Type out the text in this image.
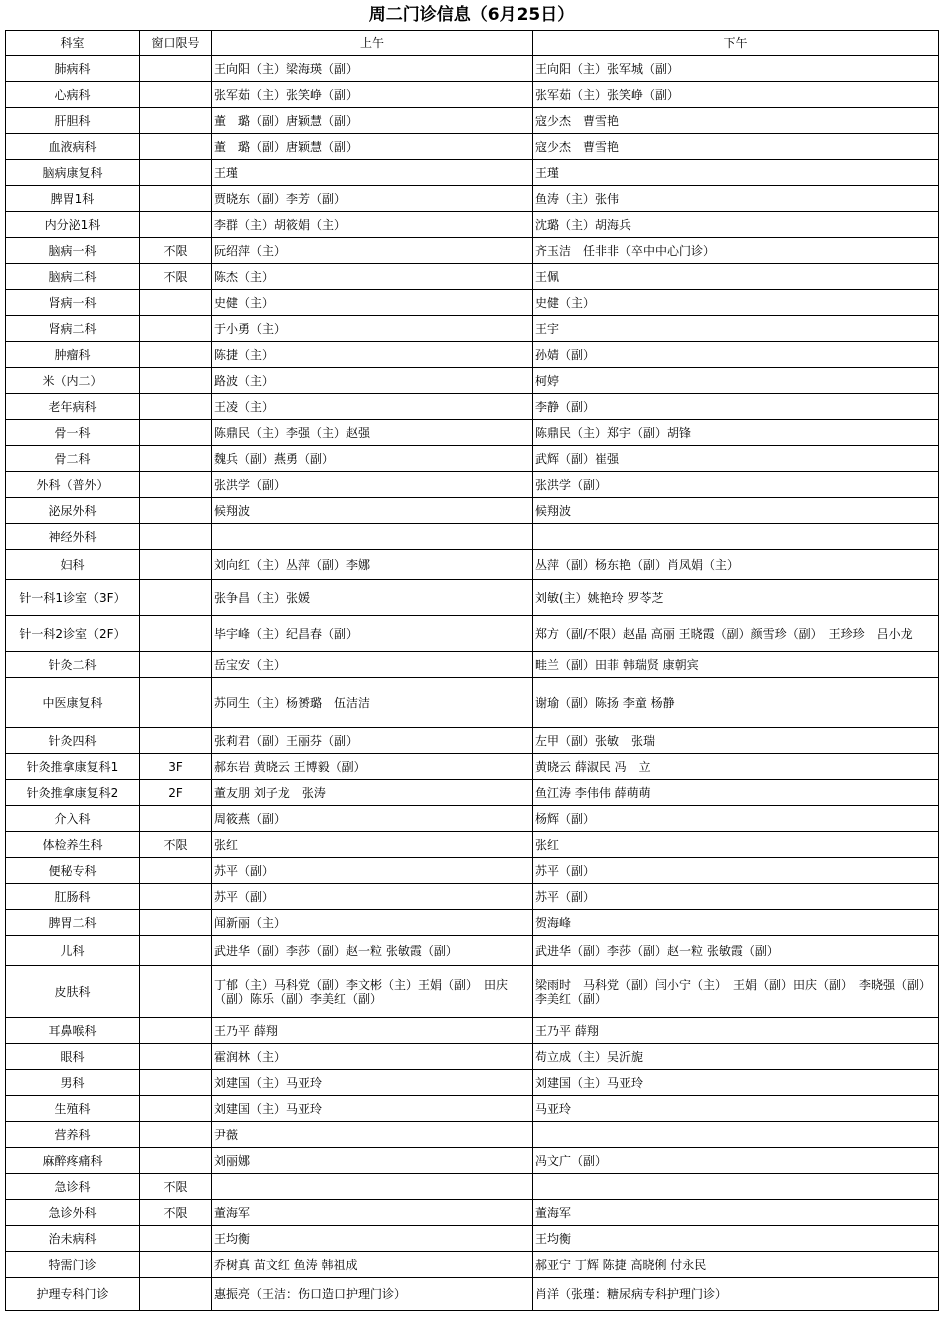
周二门诊信息（6月25日）
科室	窗口限号	上午	下午
肺病科		王向阳（主）梁海瑛（副）	王向阳（主）张军城（副）
心病科		张军茹（主）张笑峥（副）	张军茹（主）张笑峥（副）
肝胆科		董　璐（副）唐颖慧（副）	寇少杰　曹雪艳
血液病科		董　璐（副）唐颖慧（副）	寇少杰　曹雪艳
脑病康复科		王瑾	王瑾
脾胃1科		贾晓东（副）李芳（副）	鱼涛（主）张伟
内分泌1科		李群（主）胡筱娟（主）	沈璐（主）胡海兵
脑病一科	不限	阮绍萍（主）	齐玉洁　任非非（卒中中心门诊）
脑病二科	不限	陈杰（主）	王佩
肾病一科		史健（主）	史健（主）
肾病二科		于小勇（主）	王宇
肿瘤科		陈捷（主）	孙婧（副）
米（内二）		路波（主）	柯婷
老年病科		王凌（主）	李静（副）
骨一科		陈鼎民（主）李强（主）赵强	陈鼎民（主）郑宇（副）胡锋
骨二科		魏兵（副）燕勇（副）	武辉（副）崔强
外科（普外）		张洪学（副）	张洪学（副）
泌尿外科		候翔波	候翔波
神经外科			
妇科		刘向红（主）丛萍（副）李娜	丛萍（副）杨东艳（副）肖凤娟（主）
针一科1诊室（3F）		张争昌（主）张媛	刘敏(主）姚艳玲 罗苓芝
针一科2诊室（2F）		毕宇峰（主）纪昌春（副）	郑方（副/不限）赵晶 高丽 王晓霞（副）颜雪珍（副）　王珍珍　吕小龙
针灸二科		岳宝安（主）	畦兰（副）田菲 韩瑞贤 康朝宾
中医康复科		苏同生（主）杨赟璐　伍洁洁	谢瑜（副）陈扬 李童 杨静
针灸四科		张莉君（副）王丽芬（副）	左甲（副）张敏　张瑞
针灸推拿康复科1	3F	郝东岩 黄晓云 王博毅（副）	黄晓云 薛淑民 冯　立
针灸推拿康复科2	2F	董友朋 刘子龙　张涛	鱼江涛 李伟伟 薛萌萌
介入科		周筱燕（副）	杨辉（副）
体检养生科	不限	张红	张红
便秘专科		苏平（副）	苏平（副）
肛肠科		苏平（副）	苏平（副）
脾胃二科		闻新丽（主）	贺海峰
儿科		武进华（副）李莎（副）赵一粒 张敏霞（副）	武进华（副）李莎（副）赵一粒 张敏霞（副）
皮肤科		丁郁（主）马科党（副）李文彬（主）王娟（副）　田庆（副）陈乐（副）李美红（副）	梁雨时　马科党（副）闫小宁（主）　王娟（副）田庆（副）　李晓强（副）李美红（副）
耳鼻喉科		王乃平 薛翔	王乃平 薛翔
眼科		霍润林（主）	苟立成（主）吴沂旎
男科		刘建国（主）马亚玲	刘建国（主）马亚玲
生殖科		刘建国（主）马亚玲	马亚玲
营养科		尹薇	
麻醉疼痛科		刘丽娜	冯文广（副）
急诊科	不限		
急诊外科	不限	董海军	董海军
治未病科		王均衡	王均衡
特需门诊		乔树真 苗文红 鱼涛 韩祖成	郝亚宁 丁辉 陈捷 高晓俐 付永民
护理专科门诊		惠振亮（王洁：伤口造口护理门诊）	肖洋（张瑾：糖尿病专科护理门诊）
